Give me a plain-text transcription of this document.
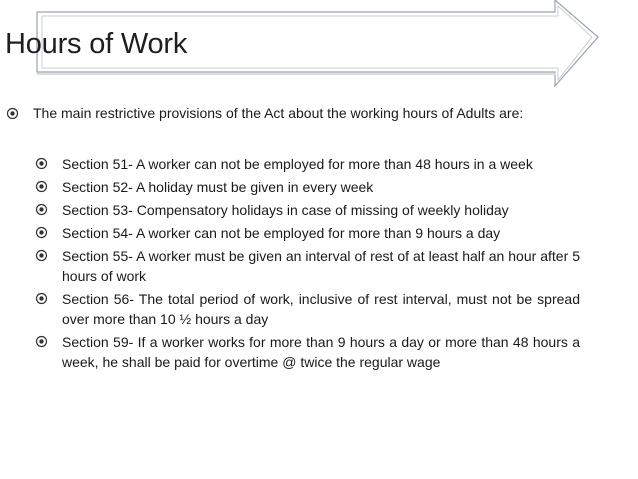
Hours of Work
The main restrictive provisions of the Act about the working hours of Adults are:
Section 51- A worker can not be employed for more than 48 hours in a week
Section 52- A holiday must be given in every week
Section 53- Compensatory holidays in case of missing of weekly holiday
Section 54- A worker can not be employed for more than 9 hours a day
Section 55- A worker must be given an interval of rest of at least half an hour after 5 hours of work
Section 56- The total period of work, inclusive of rest interval, must not be spread over more than 10 ½ hours a day
Section 59- If a worker works for more than 9 hours a day or more than 48 hours a week, he shall be paid for overtime @ twice the regular wage
